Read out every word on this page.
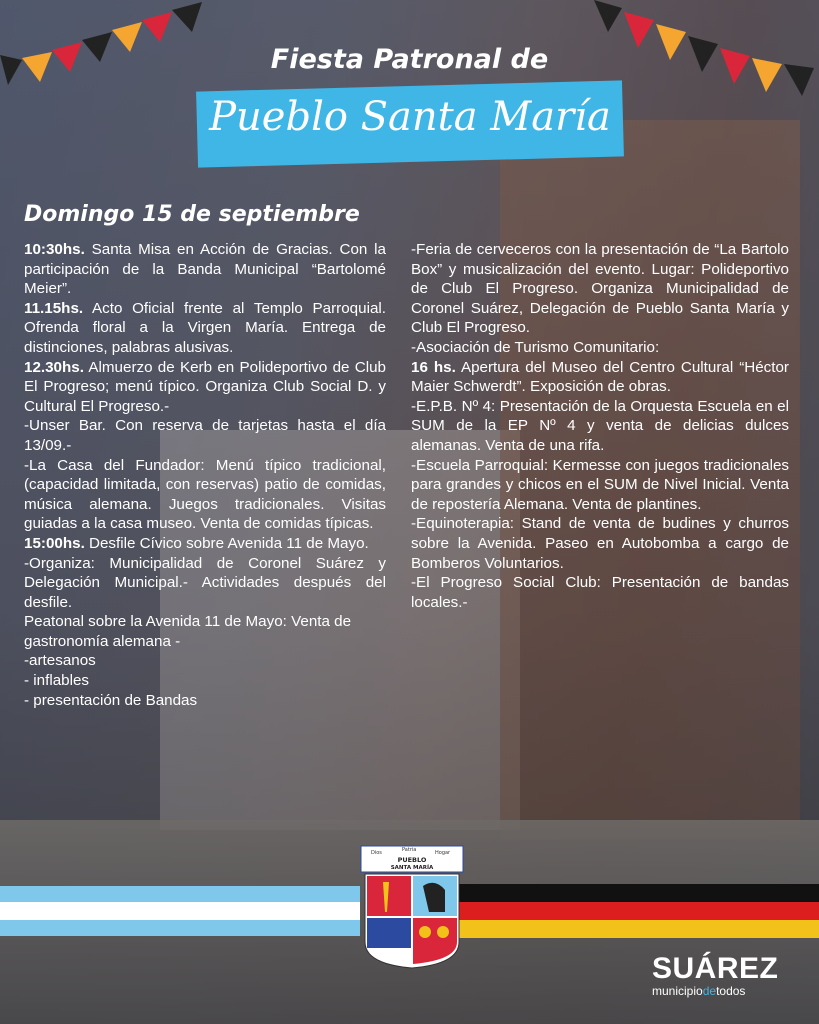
Fiesta Patronal de
Pueblo Santa María
Domingo 15 de septiembre

10:30hs. Santa Misa en Acción de Gracias. Con la participación de la Banda Municipal “Bartolomé Meier”.

11.15hs. Acto Oficial frente al Templo Parroquial. Ofrenda floral a la Virgen María. Entrega de distinciones, palabras alusivas.

12.30hs. Almuerzo de Kerb en Polideportivo de Club El Progreso; menú típico. Organiza Club Social D. y Cultural El Progreso.-

-Unser Bar. Con reserva de tarjetas hasta el día 13/09.-

-La Casa del Fundador: Menú típico tradicional, (capacidad limitada, con reservas) patio de comidas, música alemana. Juegos tradicionales. Visitas guiadas a la casa museo. Venta de comidas típicas.

15:00hs. Desfile Cívico sobre Avenida 11 de Mayo.

-Organiza: Municipalidad de Coronel Suárez y Delegación Municipal.- Actividades después del desfile.

Peatonal sobre la Avenida 11 de Mayo: Venta de gastronomía alemana -

-artesanos

- inflables

- presentación de Bandas

-Feria de cerveceros con la presentación de “La Bartolo Box” y musicalización del evento. Lugar: Polideportivo de Club El Progreso. Organiza Municipalidad de Coronel Suárez, Delegación de Pueblo Santa María y Club El Progreso.

-Asociación de Turismo Comunitario:

16 hs. Apertura del Museo del Centro Cultural “Héctor Maier Schwerdt”. Exposición de obras.

-E.P.B. Nº 4: Presentación de la Orquesta Escuela en el SUM de la EP Nº 4 y venta de delicias dulces alemanas. Venta de una rifa.

-Escuela Parroquial: Kermesse con juegos tradicionales para grandes y chicos en el SUM de Nivel Inicial. Venta de repostería Alemana. Venta de plantines.

-Equinoterapia: Stand de venta de budines y churros sobre la Avenida. Paseo en Autobomba a cargo de Bomberos Voluntarios.

-El Progreso Social Club: Presentación de bandas locales.-

Dios	Patria	Hogar
PUEBLO
SANTA MARÍA
SUÁREZ
municipiodetodos
